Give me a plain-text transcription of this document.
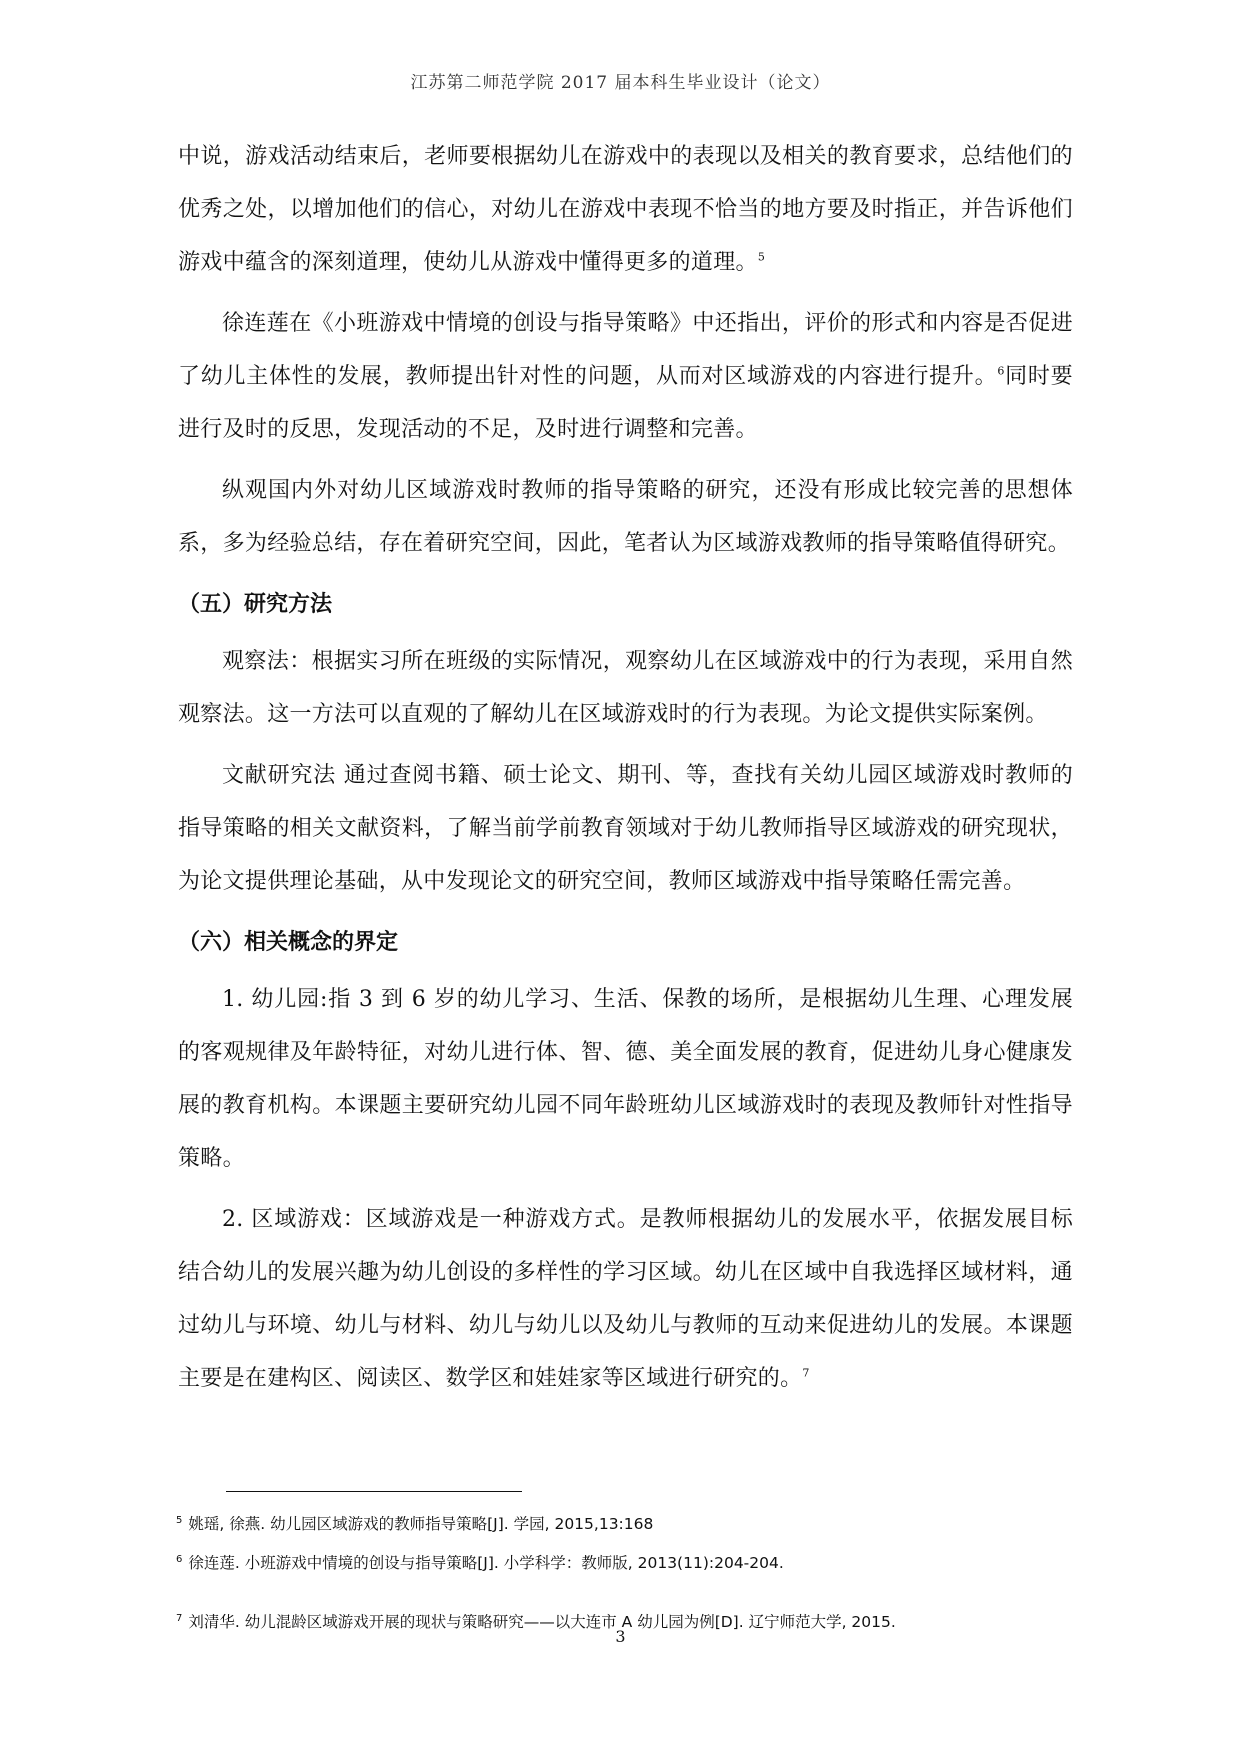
江苏第二师范学院 2017 届本科生毕业设计（论文）

中说，游戏活动结束后，老师要根据幼儿在游戏中的表现以及相关的教育要求，总结他们的优秀之处，以增加他们的信心，对幼儿在游戏中表现不恰当的地方要及时指正，并告诉他们游戏中蕴含的深刻道理，使幼儿从游戏中懂得更多的道理。$^5$

徐连莲在《小班游戏中情境的创设与指导策略》中还指出，评价的形式和内容是否促进了幼儿主体性的发展，教师提出针对性的问题，从而对区域游戏的内容进行提升。$^6$同时要进行及时的反思，发现活动的不足，及时进行调整和完善。

纵观国内外对幼儿区域游戏时教师的指导策略的研究，还没有形成比较完善的思想体系，多为经验总结，存在着研究空间，因此，笔者认为区域游戏教师的指导策略值得研究。

（五）研究方法

观察法：根据实习所在班级的实际情况，观察幼儿在区域游戏中的行为表现，采用自然观察法。这一方法可以直观的了解幼儿在区域游戏时的行为表现。为论文提供实际案例。

文献研究法 通过查阅书籍、硕士论文、期刊、等，查找有关幼儿园区域游戏时教师的指导策略的相关文献资料，了解当前学前教育领域对于幼儿教师指导区域游戏的研究现状，为论文提供理论基础，从中发现论文的研究空间，教师区域游戏中指导策略任需完善。

（六）相关概念的界定

1. 幼儿园:指 3 到 6 岁的幼儿学习、生活、保教的场所，是根据幼儿生理、心理发展的客观规律及年龄特征，对幼儿进行体、智、德、美全面发展的教育，促进幼儿身心健康发展的教育机构。本课题主要研究幼儿园不同年龄班幼儿区域游戏时的表现及教师针对性指导策略。

2. 区域游戏：区域游戏是一种游戏方式。是教师根据幼儿的发展水平，依据发展目标结合幼儿的发展兴趣为幼儿创设的多样性的学习区域。幼儿在区域中自我选择区域材料，通过幼儿与环境、幼儿与材料、幼儿与幼儿以及幼儿与教师的互动来促进幼儿的发展。本课题主要是在建构区、阅读区、数学区和娃娃家等区域进行研究的。$^7$

$^5$ 姚瑶, 徐燕. 幼儿园区域游戏的教师指导策略[J]. 学园, 2015,13:168
$^6$ 徐连莲. 小班游戏中情境的创设与指导策略[J]. 小学科学：教师版, 2013(11):204-204.
$^7$ 刘清华. 幼儿混龄区域游戏开展的现状与策略研究——以大连市 A 幼儿园为例[D]. 辽宁师范大学, 2015.
3
